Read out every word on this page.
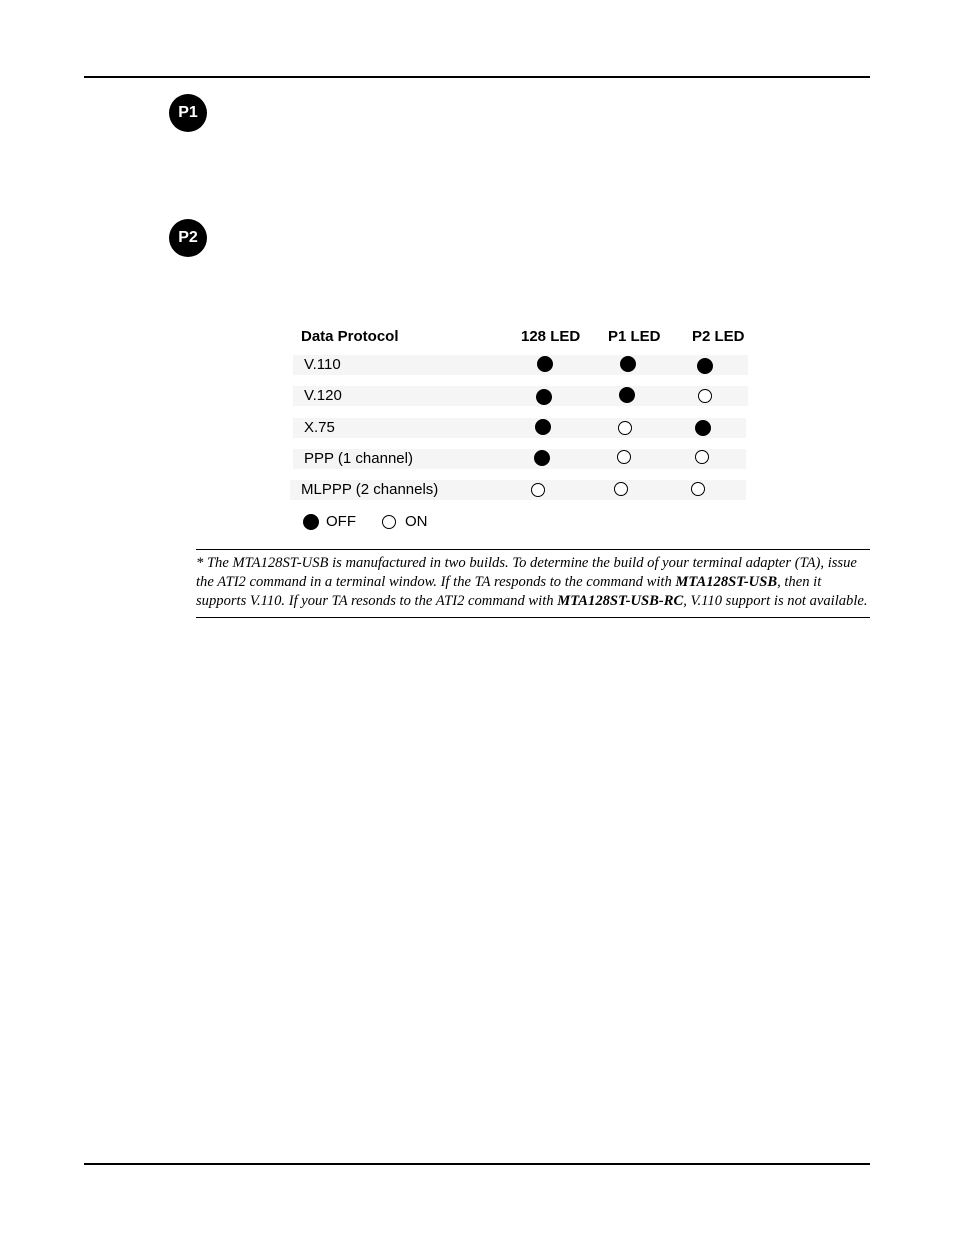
P1
P2
Data Protocol	128 LED P1 LED P2 LED
V.110
V.120
X.75
PPP (1 channel)
MLPPP (2 channels)
OFF	ON
* The MTA128ST-USB is manufactured in two builds. To determine the build of your terminal adapter (TA), issue the ATI2 command in a terminal window. If the TA responds to the command with MTA128ST-USB, then it supports V.110. If your TA resonds to the ATI2 command with MTA128ST-USB-RC, V.110 support is not available.
